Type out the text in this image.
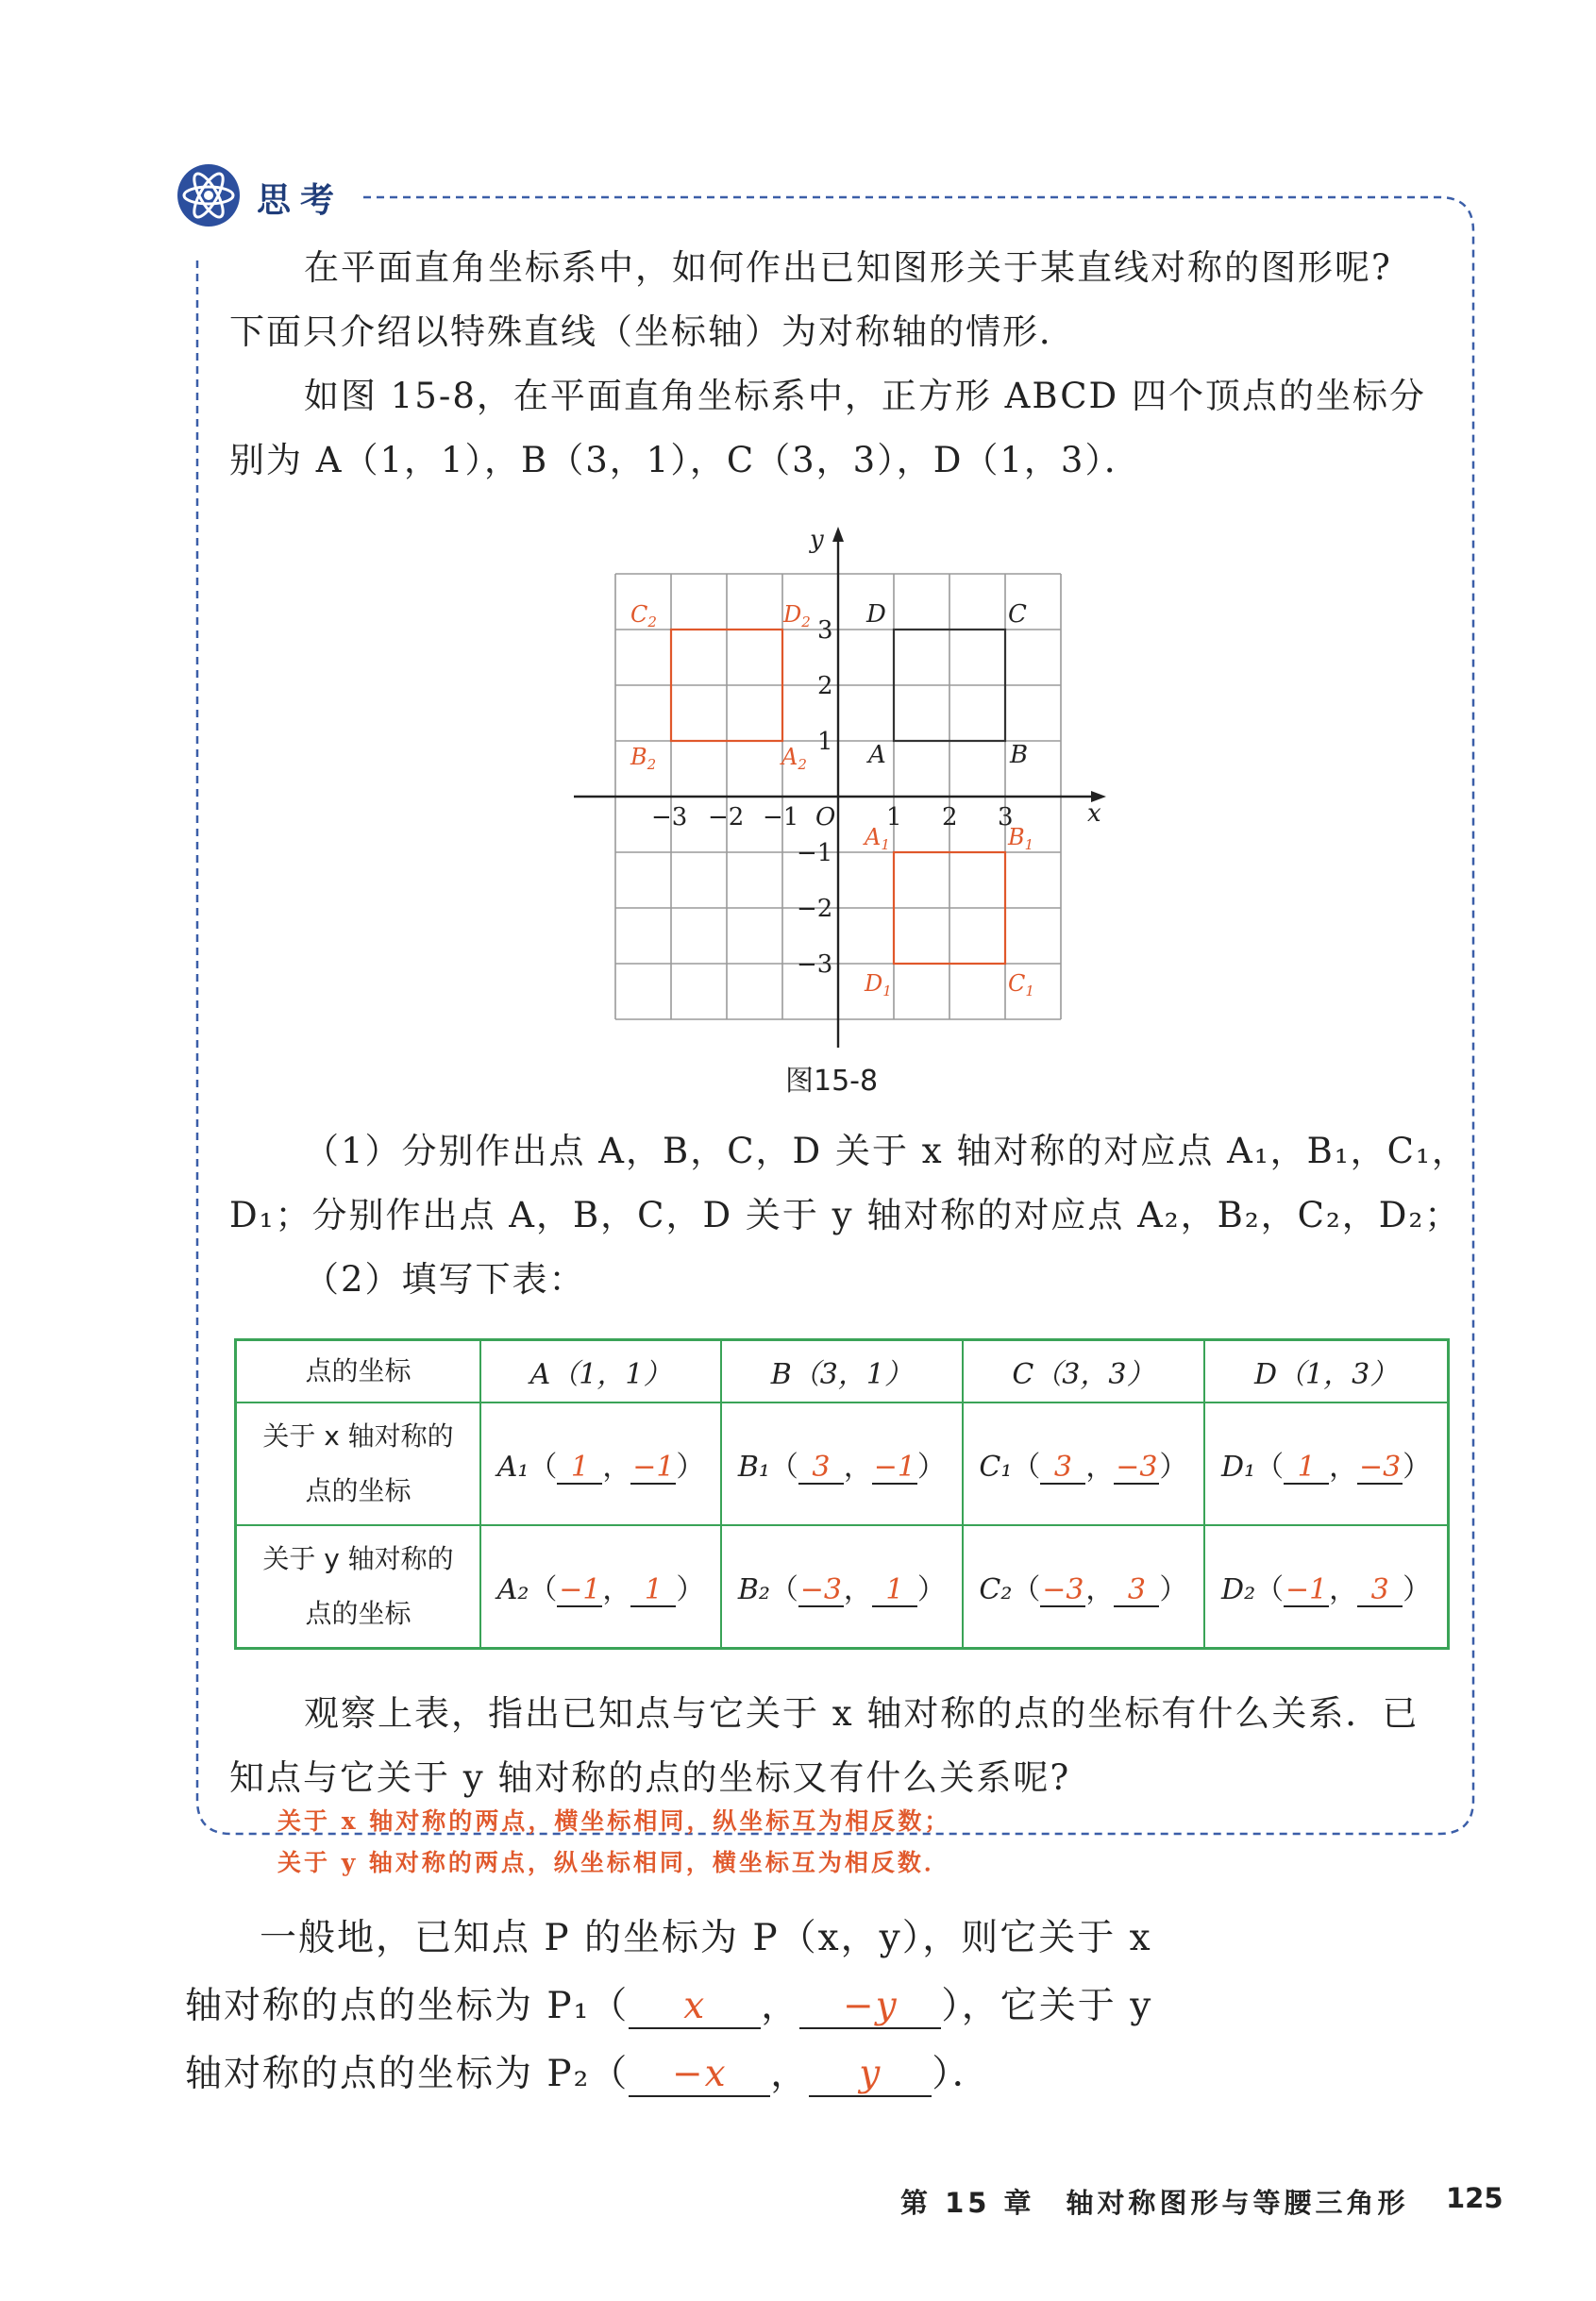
思考
在平面直角坐标系中，如何作出已知图形关于某直线对称的图形呢?
下面只介绍以特殊直线（坐标轴）为对称轴的情形．
如图 15-8，在平面直角坐标系中，正方形 ABCD 四个顶点的坐标分
别为 A（1，1），B（3，1），C（3，3），D（1，3）．
x
y
O
−3 −2 −1	1 2 3
3
2
1
−1
−2
−3
D	C
A	B
$A_1$	$B_1$
$D_1$	$C_1$
$C_2$	$D_2$
$B_2$	$A_2$
图15-8
（1）分别作出点 A，B，C，D 关于 x 轴对称的对应点 A₁，B₁，C₁，
D₁；分别作出点 A，B，C，D 关于 y 轴对称的对应点 A₂，B₂，C₂，D₂；
（2）填写下表：
点的坐标	A（1，1）	B（3，1）	C（3，3）	D（1，3）

关于 x 轴对称的
点的坐标	A₁（ 1 ，−1）	B₁（ 3 ，−1）	C₁（ 3 ，−3）	D₁（ 1 ，−3）

关于 y 轴对称的
点的坐标	A₂（−1， 1 ）	B₂（−3， 1 ）	C₂（−3， 3 ）	D₂（−1， 3 ）
观察上表，指出已知点与它关于 x 轴对称的点的坐标有什么关系．已
知点与它关于 y 轴对称的点的坐标又有什么关系呢?
关于 x 轴对称的两点，横坐标相同，纵坐标互为相反数；
关于 y 轴对称的两点，纵坐标相同，横坐标互为相反数．
一般地，已知点 P 的坐标为 P（x，y），则它关于 x
轴对称的点的坐标为 P₁（ x ， −y ），它关于 y
轴对称的点的坐标为 P₂（ −x ， y ）．
第 15 章　轴对称图形与等腰三角形 125
